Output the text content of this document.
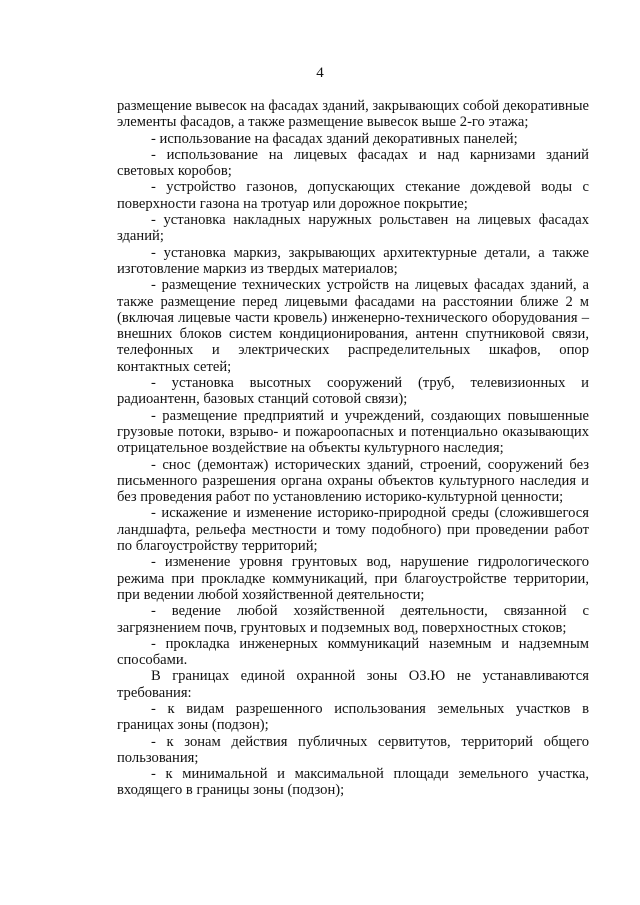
4

размещение вывесок на фасадах зданий, закрывающих собой декоративные элементы фасадов, а также размещение вывесок выше 2-го этажа;

- использование на фасадах зданий декоративных панелей;

- использование на лицевых фасадах и над карнизами зданий световых коробов;

- устройство газонов, допускающих стекание дождевой воды с поверхности газона на тротуар или дорожное покрытие;

- установка накладных наружных рольставен на лицевых фасадах зданий;

- установка маркиз, закрывающих архитектурные детали, а также изготовление маркиз из твердых материалов;

- размещение технических устройств на лицевых фасадах зданий, а также размещение перед лицевыми фасадами на расстоянии ближе 2 м (включая лицевые части кровель) инженерно-технического оборудования – внешних блоков систем кондиционирования, антенн спутниковой связи, телефонных и электрических распределительных шкафов, опор контактных сетей;

- установка высотных сооружений (труб, телевизионных и радиоантенн, базовых станций сотовой связи);

- размещение предприятий и учреждений, создающих повышенные грузовые потоки, взрыво- и пожароопасных и потенциально оказывающих отрицательное воздействие на объекты культурного наследия;

- снос (демонтаж) исторических зданий, строений, сооружений без письменного разрешения органа охраны объектов культурного наследия и без проведения работ по установлению историко-культурной ценности;

- искажение и изменение историко-природной среды (сложившегося ландшафта, рельефа местности и тому подобного) при проведении работ по благоустройству территорий;

- изменение уровня грунтовых вод, нарушение гидрологического режима при прокладке коммуникаций, при благоустройстве территории, при ведении любой хозяйственной деятельности;

- ведение любой хозяйственной деятельности, связанной с загрязнением почв, грунтовых и подземных вод, поверхностных стоков;

- прокладка инженерных коммуникаций наземным и надземным способами.

В границах единой охранной зоны ОЗ.Ю не устанавливаются требования:

- к видам разрешенного использования земельных участков в границах зоны (подзон);

- к зонам действия публичных сервитутов, территорий общего пользования;

- к минимальной и максимальной площади земельного участка, входящего в границы зоны (подзон);
